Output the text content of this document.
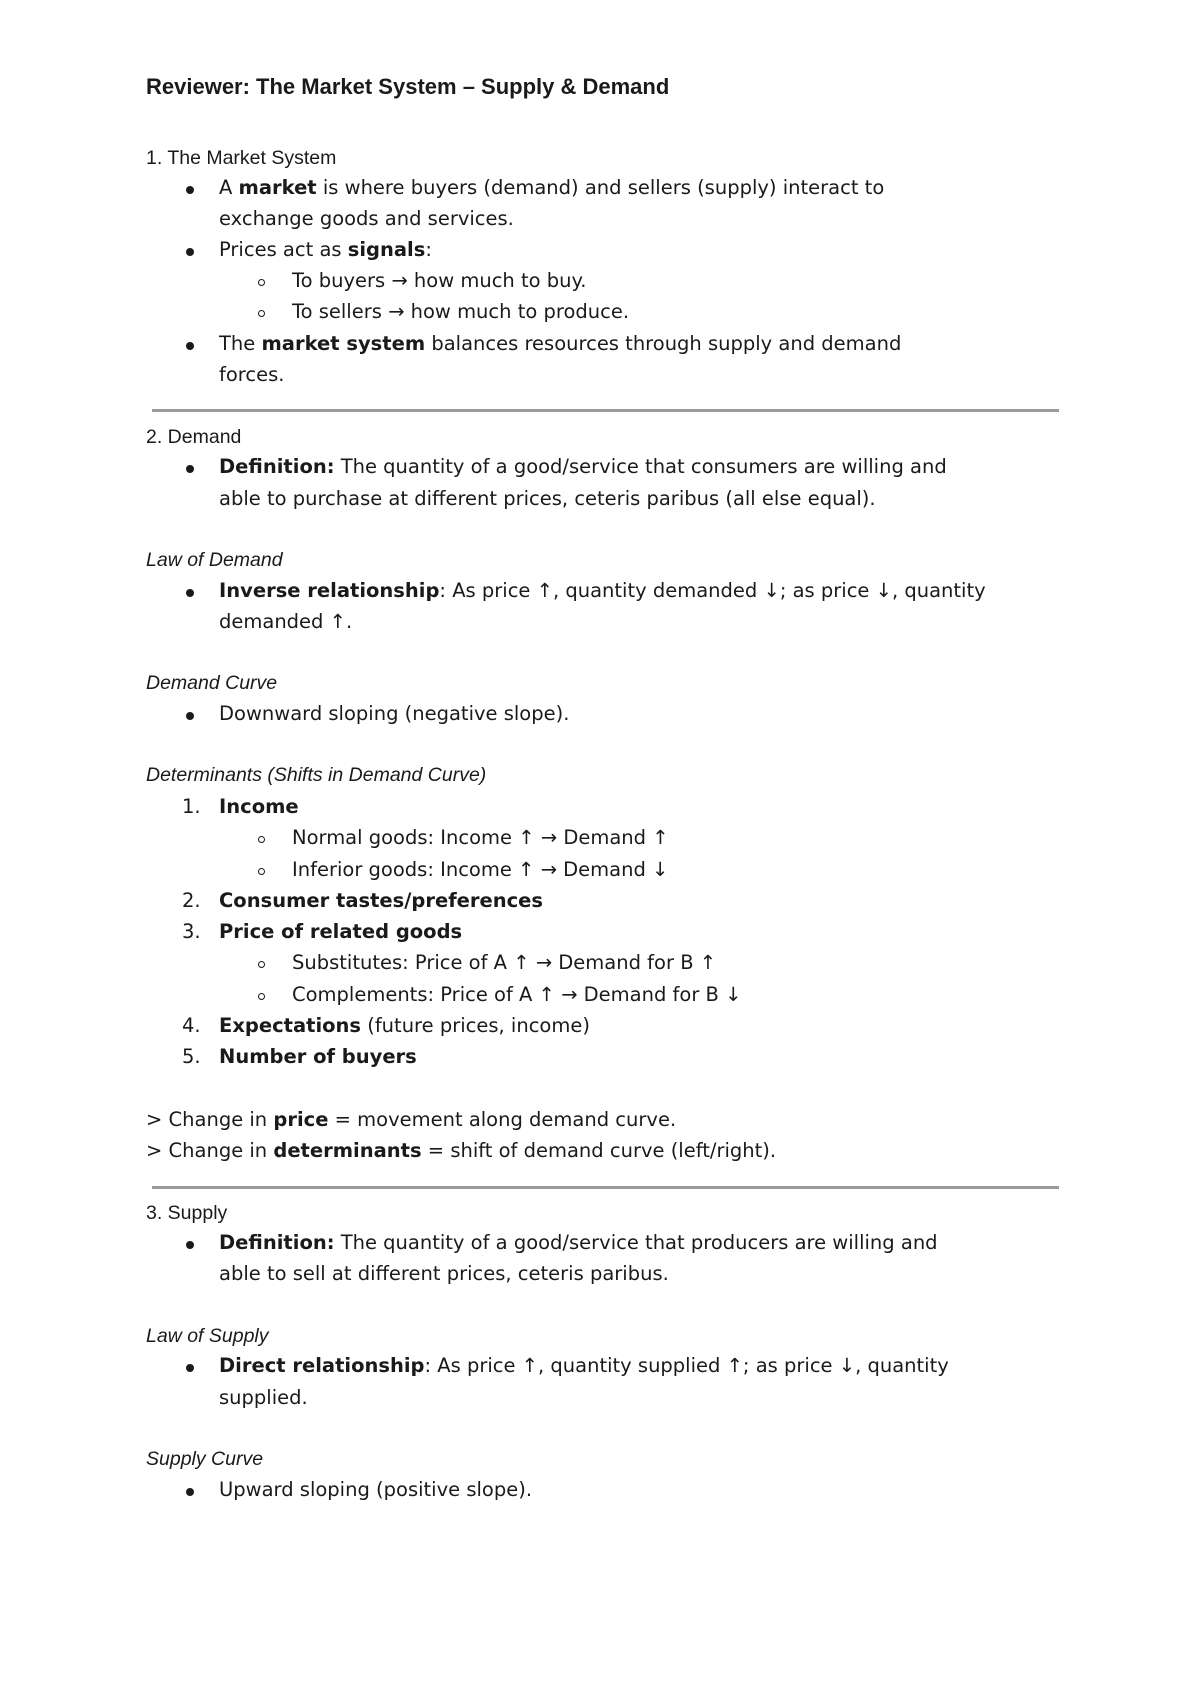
Reviewer: The Market System – Supply & Demand
1. The Market System
A market is where buyers (demand) and sellers (supply) interact to
exchange goods and services.
Prices act as signals:
To buyers → how much to buy.
To sellers → how much to produce.
The market system balances resources through supply and demand
forces.
2. Demand
Definition: The quantity of a good/service that consumers are willing and
able to purchase at different prices, ceteris paribus (all else equal).
Law of Demand
Inverse relationship: As price ↑, quantity demanded ↓; as price ↓, quantity
demanded ↑.
Demand Curve
Downward sloping (negative slope).
Determinants (Shifts in Demand Curve)
1. Income
Normal goods: Income ↑ → Demand ↑
Inferior goods: Income ↑ → Demand ↓
2. Consumer tastes/preferences
3. Price of related goods
Substitutes: Price of A ↑ → Demand for B ↑
Complements: Price of A ↑ → Demand for B ↓
4. Expectations (future prices, income)
5. Number of buyers
> Change in price = movement along demand curve.
> Change in determinants = shift of demand curve (left/right).
3. Supply
Definition: The quantity of a good/service that producers are willing and
able to sell at different prices, ceteris paribus.
Law of Supply
Direct relationship: As price ↑, quantity supplied ↑; as price ↓, quantity
supplied.
Supply Curve
Upward sloping (positive slope).
